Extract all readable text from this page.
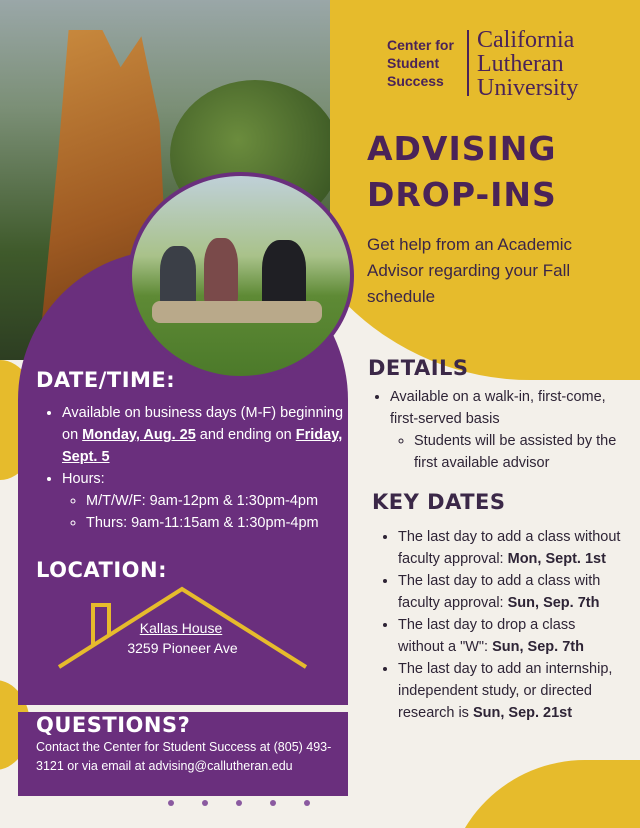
Center for
Student
Success
California
Lutheran
University
ADVISING
DROP-INS
Get help from an Academic Advisor regarding your Fall schedule
DATE/TIME:
• Available on business days (M-F) beginning on Monday, Aug. 25 and ending on Friday, Sept. 5
• Hours:
◦ M/T/W/F: 9am-12pm & 1:30pm-4pm
◦ Thurs: 9am-11:15am & 1:30pm-4pm
LOCATION:
Kallas House
3259 Pioneer Ave
QUESTIONS?
Contact the Center for Student Success at (805) 493-3121 or via email at advising@callutheran.edu
DETAILS
• Available on a walk-in, first-come, first-served basis
◦ Students will be assisted by the first available advisor
KEY DATES
• The last day to add a class without faculty approval: Mon, Sept. 1st
• The last day to add a class with faculty approval: Sun, Sep. 7th
• The last day to drop a class without a "W": Sun, Sep. 7th
• The last day to add an internship, independent study, or directed research is Sun, Sep. 21st
